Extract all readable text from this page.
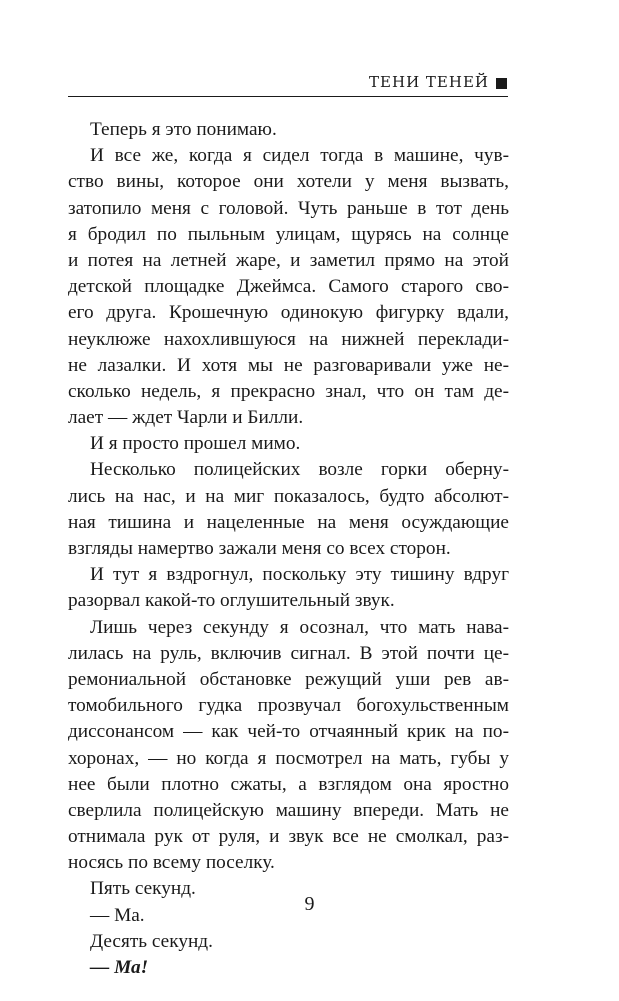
ТЕНИ ТЕНЕЙ
Теперь я это понимаю.
И все же, когда я сидел тогда в машине, чув-
ство вины, которое они хотели у меня вызвать,
затопило меня с головой. Чуть раньше в тот день
я бродил по пыльным улицам, щурясь на солнце
и потея на летней жаре, и заметил прямо на этой
детской площадке Джеймса. Самого старого сво-
его друга. Крошечную одинокую фигурку вдали,
неуклюже нахохлившуюся на нижней переклади-
не лазалки. И хотя мы не разговаривали уже не-
сколько недель, я прекрасно знал, что он там де-
лает — ждет Чарли и Билли.
И я просто прошел мимо.
Несколько полицейских возле горки обернy-
лись на нас, и на миг показалось, будто абсолют-
ная тишина и нацеленные на меня осуждающие
взгляды намертво зажали меня со всех сторон.
И тут я вздрогнул, поскольку эту тишину вдруг
разорвал какой-то оглушительный звук.
Лишь через секунду я осознал, что мать нава-
лилась на руль, включив сигнал. В этой почти це-
ремониальной обстановке режущий уши рев ав-
томобильного гудка прозвучал богохульственным
диссонансом — как чей-то отчаянный крик на по-
хоронах, — но когда я посмотрел на мать, губы у
нее были плотно сжаты, а взглядом она яростно
сверлила полицейскую машину впереди. Мать не
отнимала рук от руля, и звук все не смолкал, раз-
носясь по всему поселку.
Пять секунд.
— Ма.
Десять секунд.
— Ма!
9
